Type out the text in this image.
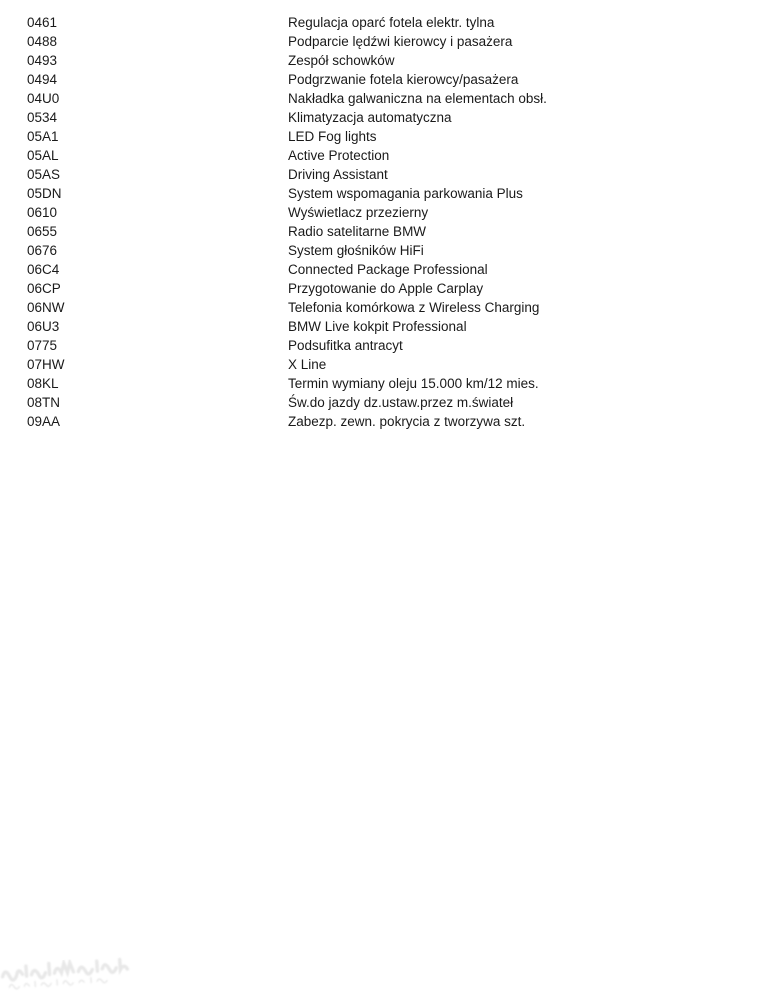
0461	Regulacja oparć fotela elektr. tylna
0488	Podparcie lędźwi kierowcy i pasażera
0493	Zespół schowków
0494	Podgrzwanie fotela kierowcy/pasażera
04U0	Nakładka galwaniczna na elementach obsł.
0534	Klimatyzacja automatyczna
05A1	LED Fog lights
05AL	Active Protection
05AS	Driving Assistant
05DN	System wspomagania parkowania Plus
0610	Wyświetlacz przezierny
0655	Radio satelitarne BMW
0676	System głośników HiFi
06C4	Connected Package Professional
06CP	Przygotowanie do Apple Carplay
06NW	Telefonia komórkowa z Wireless Charging
06U3	BMW Live kokpit Professional
0775	Podsufitka antracyt
07HW	X Line
08KL	Termin wymiany oleju 15.000 km/12 mies.
08TN	Św.do jazdy dz.ustaw.przez m.świateł
09AA	Zabezp. zewn. pokrycia z tworzywa szt.
